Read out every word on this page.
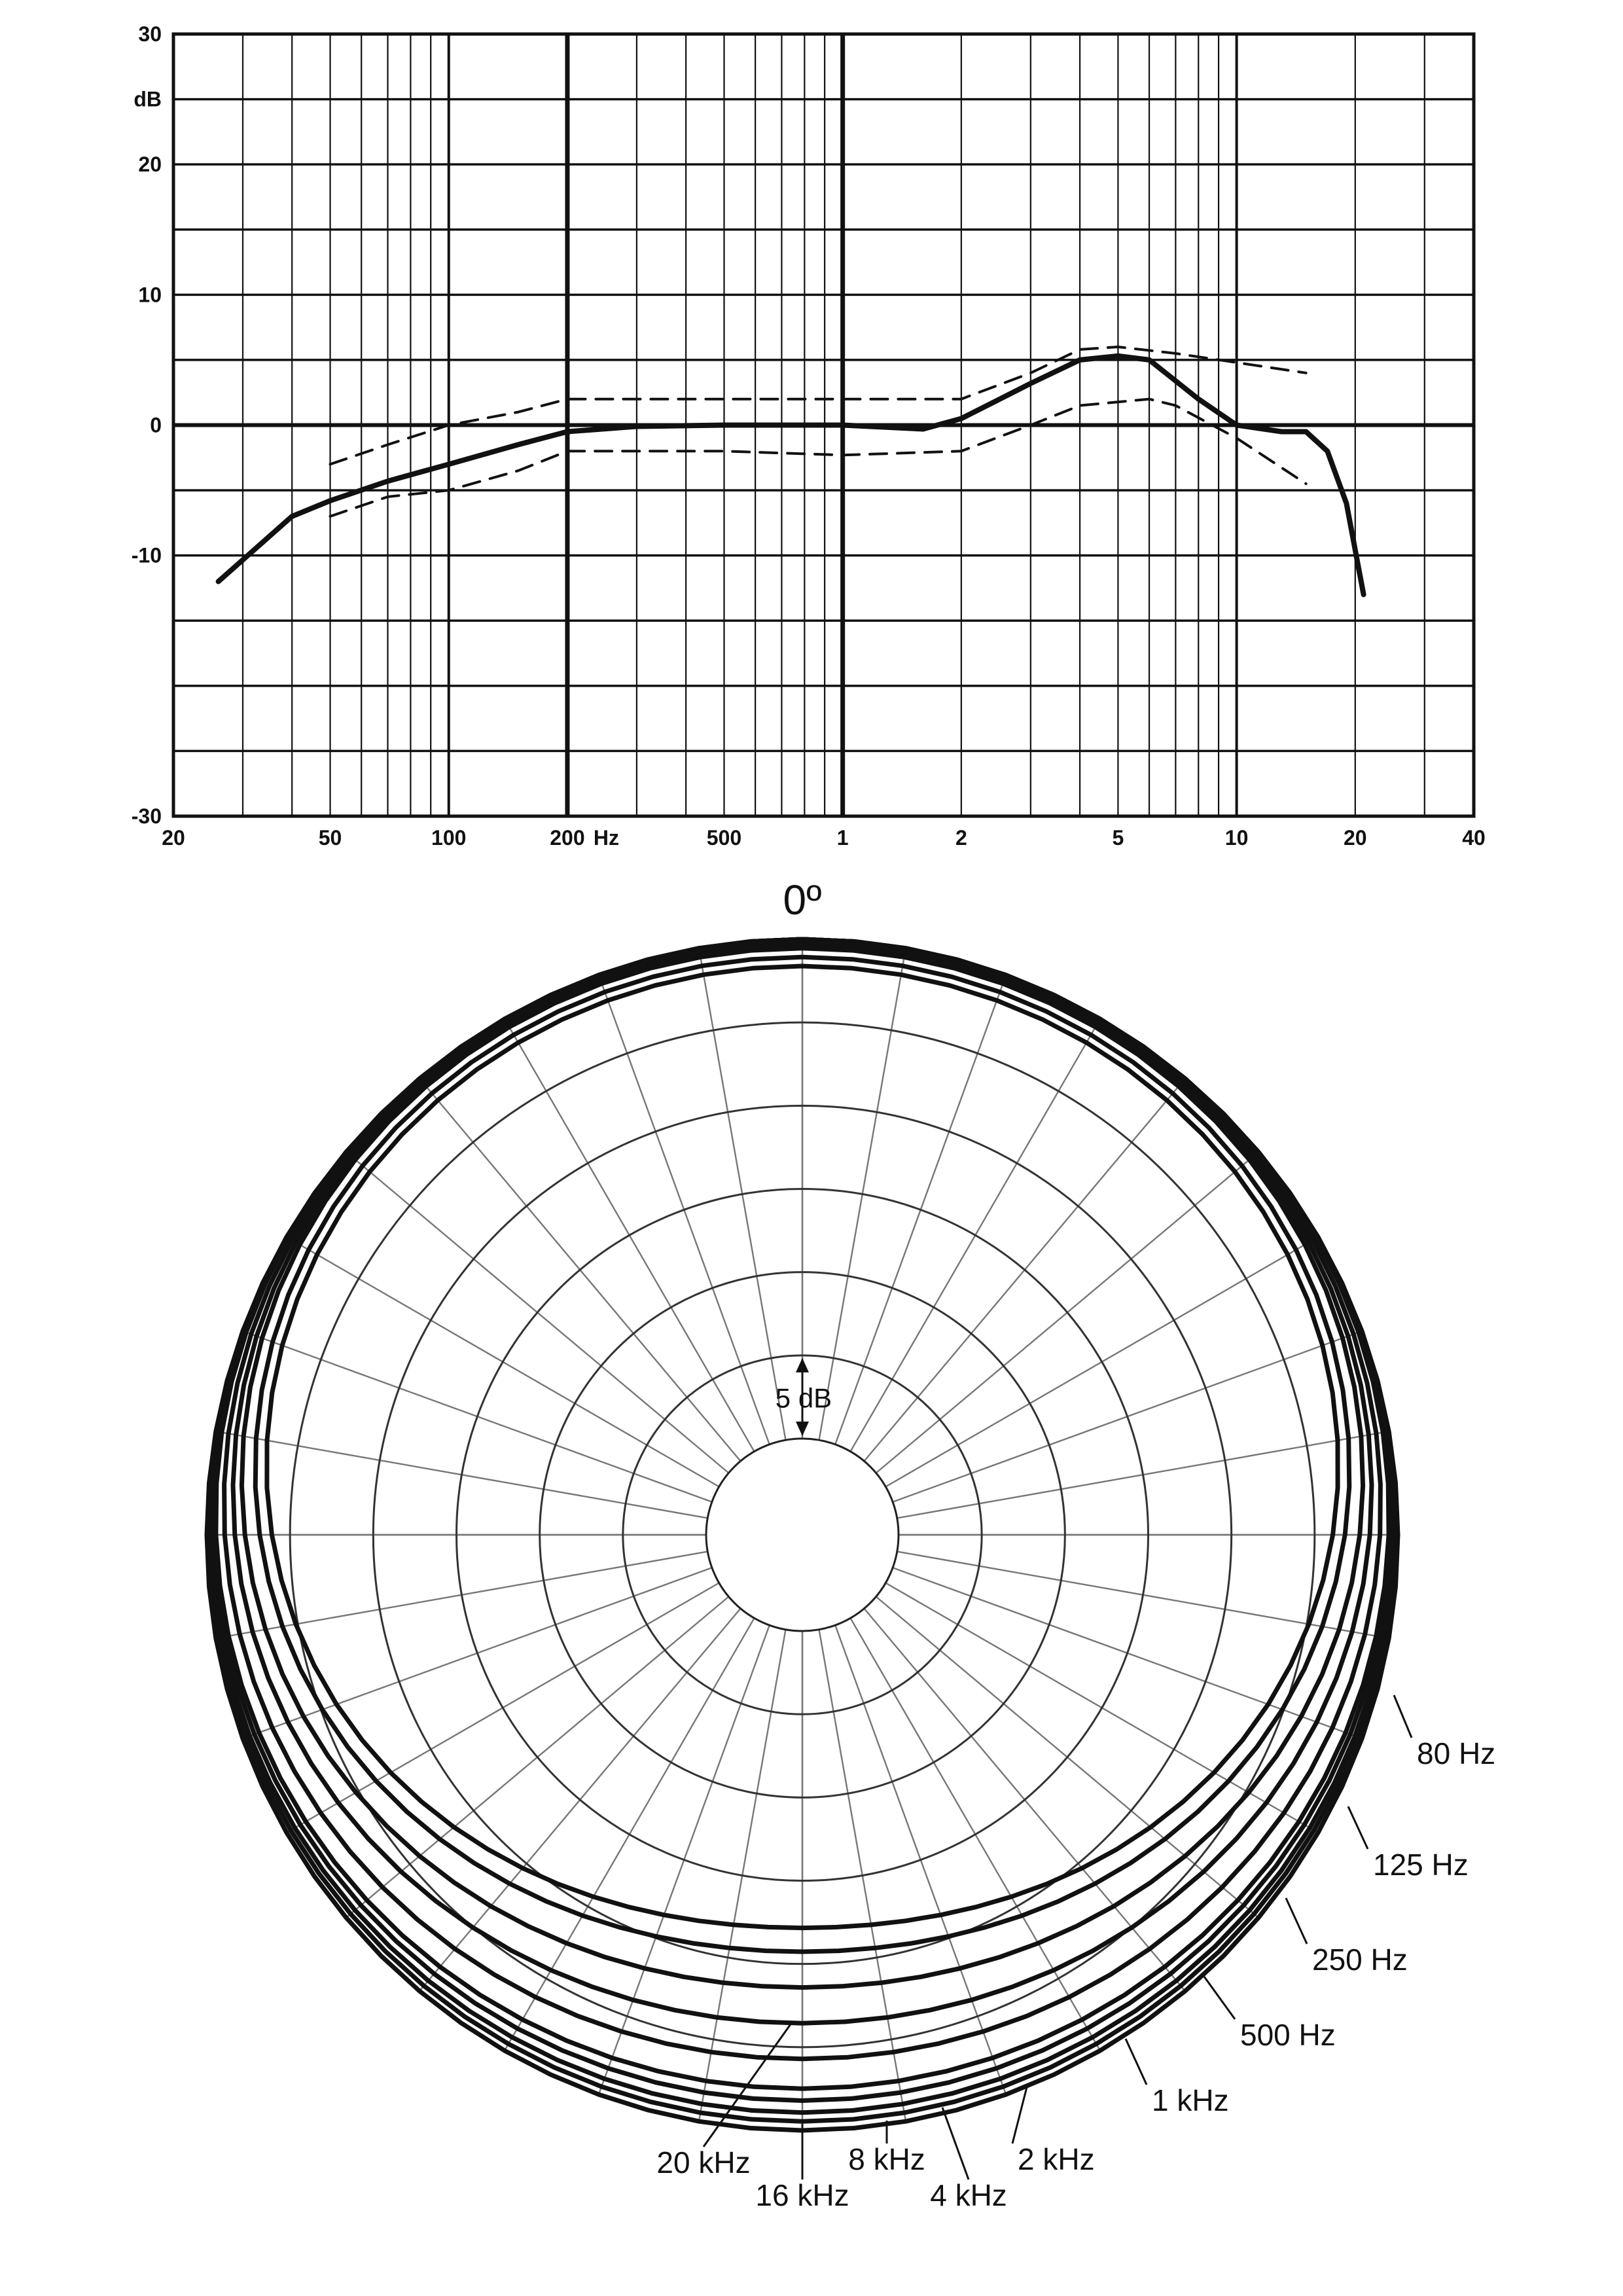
30
20
10
0
-10
-30
dB
20	50	100	200	500	1	2	5	10	20	40
Hz
0º
5 dB
80 Hz
125 Hz
250 Hz
500 Hz
1 kHz
2 kHz
4 kHz
8 kHz
16 kHz
20 kHz
